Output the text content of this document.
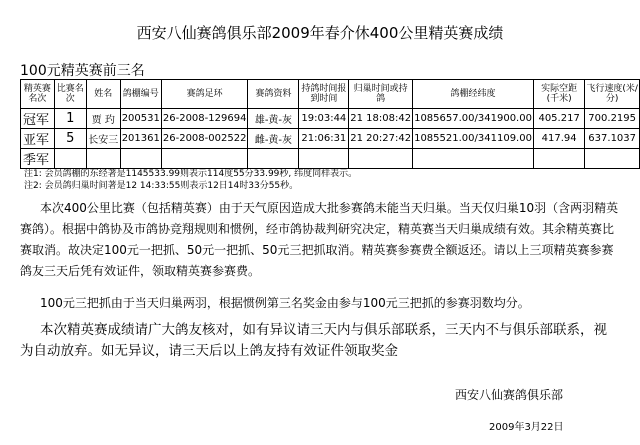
西安八仙赛鸽俱乐部2009年春介休400公里精英赛成绩
100元精英赛前三名
精英赛名次	比赛名次	姓名	鸽棚编号	赛鸽足环	赛鸽资料	持鸽时间报到时间	归巢时间或持鸽	鸽棚经纬度	实际空距(千米)	飞行速度(米/分)
冠军	1	贾 玓	200531	26-2008-129694	雄-黄-灰	19:03:44	21 18:08:42	1085657.00/341900.00	405.217	700.2195
亚军	5	长安三	201361	26-2008-002522	雌-黄-灰	21:06:31	21 20:27:42	1085521.00/341109.00	417.94	637.1037
季军										
注1: 会员鸽棚的东经著是1145533.99则表示114度55分33.99秒, 纬度同样表示。
注2: 会员鸽归巢时间著是12 14:33:55则表示12日14时33分55秒。
本次400公里比赛（包括精英赛）由于天气原因造成大批参赛鸽未能当天归巢。当天仅归巢10羽（含两羽精英赛鸽）。根据中鸽协及市鸽协竞翔规则和惯例，经市鸽协裁判研究决定，精英赛当天归巢成绩有效。其余精英赛比赛取消。故决定100元一把抓、50元一把抓、50元三把抓取消。精英赛参赛费全额返还。请以上三项精英赛参赛鸽友三天后凭有效证件，领取精英赛参赛费。
100元三把抓由于当天归巢两羽，根据惯例第三名奖金由参与100元三把抓的参赛羽数均分。
本次精英赛成绩请广大鸽友核对，如有异议请三天内与俱乐部联系，三天内不与俱乐部联系，视为自动放弃。如无异议，请三天后以上鸽友持有效证件领取奖金
西安八仙赛鸽俱乐部
2009年3月22日
